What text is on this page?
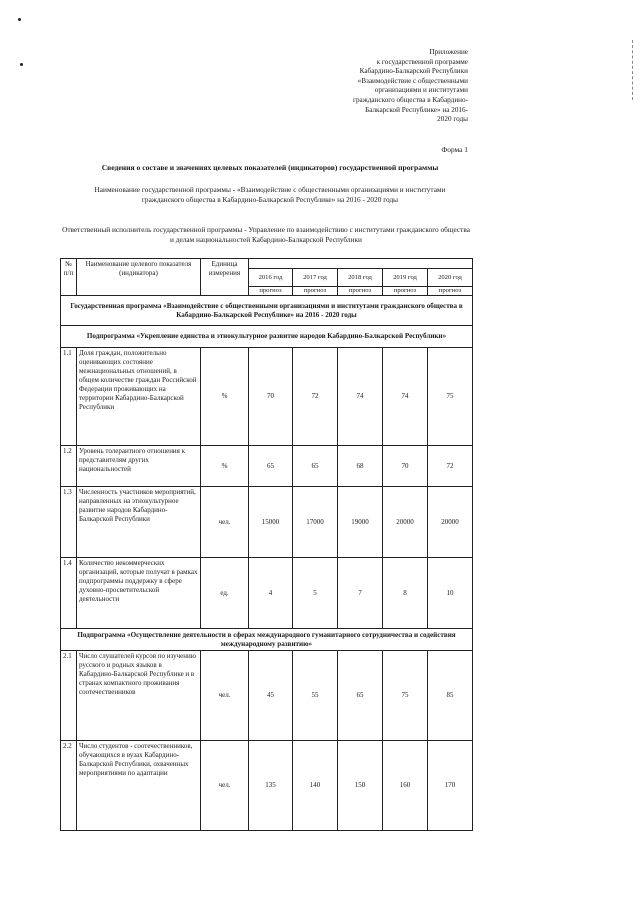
Приложение
к государственной программе
Кабардино-Балкарской Республики
«Взаимодействие с общественными
организациями и институтами
гражданского общества в Кабардино-
Балкарской Республике» на 2016-
2020 годы
Форма 1
Сведения о составе и значениях целевых показателей (индикаторов) государственной программы
Наименование государственной программы - «Взаимодействие с общественными организациями и институтами гражданского общества в Кабардино-Балкарской Республике» на 2016 - 2020 годы
Ответственный исполнитель государственной программы - Управление по взаимодействию с институтами гражданского общества и делам национальностей Кабардино-Балкарской Республики
№ п/п	Наименование целевого показателя (индикатора)	Единица измерения					
			2016 год	2017 год	2018 год	2019 год	2020 год
			прогноз	прогноз	прогноз	прогноз	прогноз
Государственная программа «Взаимодействие с общественными организациями и институтами гражданского общества в Кабардино-Балкарской Республике» на 2016 - 2020 годы							
Подпрограмма «Укрепление единства и этнокультурное развитие народов Кабардино-Балкарской Республики»							
1.1	Доля граждан, положительно оценивающих состояние межнациональных отношений, в общем количестве граждан Российской Федерации проживающих на территории Кабардино-Балкарской Республики	%	70	72	74	74	75
1.2	Уровень толерантного отношения к представителям других национальностей	%	65	65	68	70	72
1.3	Численность участников мероприятий, направленных на этнокультурное развитие народов Кабардино-Балкарской Республики	чел.	15000	17000	19000	20000	20000
1.4	Количество некоммерческих организаций, которые получат в рамках подпрограммы поддержку в сфере духовно-просветительской деятельности	ед.	4	5	7	8	10
Подпрограмма «Осуществление деятельности в сферах международного гуманитарного сотрудничества и содействия международному развитию»							
2.1	Число слушателей курсов по изучению русского и родных языков в Кабардино-Балкарской Республике и в странах компактного проживания соотечественников	чел.	45	55	65	75	85
2.2	Число студентов - соотечественников, обучающихся в вузах Кабардино-Балкарской Республики, охваченных мероприятиями по адаптации	чел.	135	140	150	160	170
